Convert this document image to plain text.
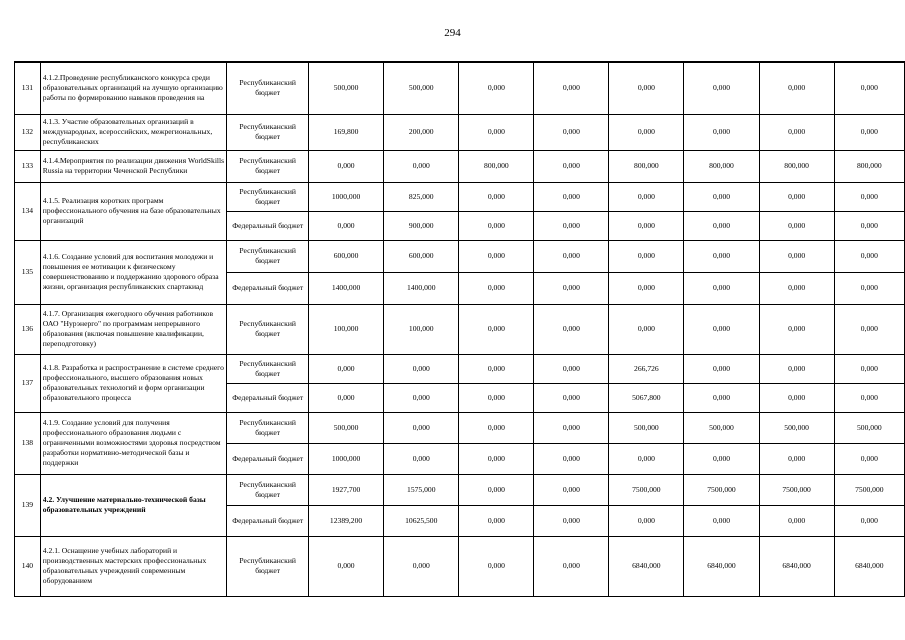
294
131	4.1.2.Проведение республиканского конкурса среди образовательных организаций на лучшую организацию работы по формированию навыков проведения на	Республиканский бюджет	500,000	500,000	0,000	0,000	0,000	0,000	0,000	0,000
132	4.1.3. Участие образовательных организаций в международных, всероссийских, межрегиональных, республиканских	Республиканский бюджет	169,800	200,000	0,000	0,000	0,000	0,000	0,000	0,000
133	4.1.4.Мероприятия по реализации движения WorldSkills Russia на территории Чеченской Республики	Республиканский бюджет	0,000	0,000	800,000	0,000	800,000	800,000	800,000	800,000
134	4.1.5. Реализация коротких программ профессионального обучения на базе образовательных организаций	Республиканский бюджет	1000,000	825,000	0,000	0,000	0,000	0,000	0,000	0,000
		Федеральный бюджет	0,000	900,000	0,000	0,000	0,000	0,000	0,000	0,000
135	4.1.6. Создание условий для воспитания молодежи и повышения ее мотивации к физическому совершенствованию и поддержанию здорового образа жизни, организация республиканских спартакиад	Республиканский бюджет	600,000	600,000	0,000	0,000	0,000	0,000	0,000	0,000
		Федеральный бюджет	1400,000	1400,000	0,000	0,000	0,000	0,000	0,000	0,000
136	4.1.7. Организация ежегодного обучения работников ОАО "Нурэнерго" по программам непрерывного образования (включая повышение квалификации, переподготовку)	Республиканский бюджет	100,000	100,000	0,000	0,000	0,000	0,000	0,000	0,000
137	4.1.8. Разработка и распространение в системе среднего профессионального, высшего образования новых образовательных технологий и форм организации образовательного процесса	Республиканский бюджет	0,000	0,000	0,000	0,000	266,726	0,000	0,000	0,000
		Федеральный бюджет	0,000	0,000	0,000	0,000	5067,800	0,000	0,000	0,000
138	4.1.9. Создание условий для получения профессионального образования людьми с ограниченными возможностями здоровья посредством разработки нормативно-методической базы и поддержки	Республиканский бюджет	500,000	0,000	0,000	0,000	500,000	500,000	500,000	500,000
		Федеральный бюджет	1000,000	0,000	0,000	0,000	0,000	0,000	0,000	0,000
139	4.2. Улучшение материально-технической базы образовательных учреждений	Республиканский бюджет	1927,700	1575,000	0,000	0,000	7500,000	7500,000	7500,000	7500,000
		Федеральный бюджет	12389,200	10625,500	0,000	0,000	0,000	0,000	0,000	0,000
140	4.2.1. Оснащение учебных лабораторий и производственных мастерских профессиональных образовательных учреждений современным оборудованием	Республиканский бюджет	0,000	0,000	0,000	0,000	6840,000	6840,000	6840,000	6840,000
